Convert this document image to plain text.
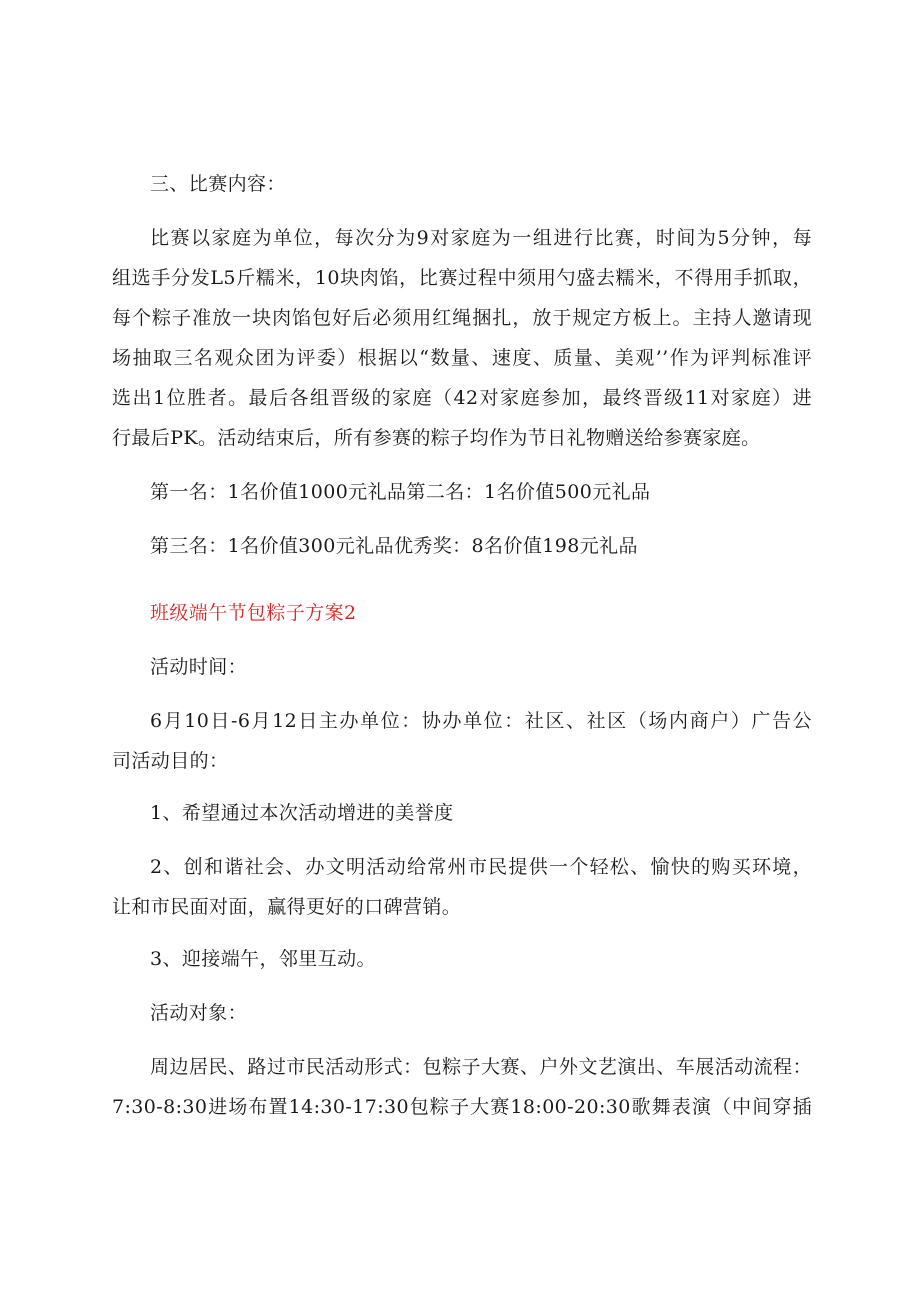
三、比赛内容：
比赛以家庭为单位，每次分为9对家庭为一组进行比赛，时间为5分钟，每
组选手分发L5斤糯米，10块肉馅，比赛过程中须用勺盛去糯米，不得用手抓取，
每个粽子准放一块肉馅包好后必须用红绳捆扎，放于规定方板上。主持人邀请现
场抽取三名观众团为评委）根据以“数量、速度、质量、美观’’作为评判标准评
选出1位胜者。最后各组晋级的家庭（42对家庭参加，最终晋级11对家庭）进
行最后PK。活动结束后，所有参赛的粽子均作为节日礼物赠送给参赛家庭。
第一名：1名价值1000元礼品第二名：1名价值500元礼品
第三名：1名价值300元礼品优秀奖：8名价值198元礼品
班级端午节包粽子方案2
活动时间：
6月10日-6月12日主办单位：协办单位：社区、社区（场内商户）广告公
司活动目的：
1、希望通过本次活动增进的美誉度
2、创和谐社会、办文明活动给常州市民提供一个轻松、愉快的购买环境，
让和市民面对面，赢得更好的口碑营销。
3、迎接端午，邻里互动。
活动对象：
周边居民、路过市民活动形式：包粽子大赛、户外文艺演出、车展活动流程：
7:30-8:30进场布置14:30-17:30包粽子大赛18:00-20:30歌舞表演（中间穿插
